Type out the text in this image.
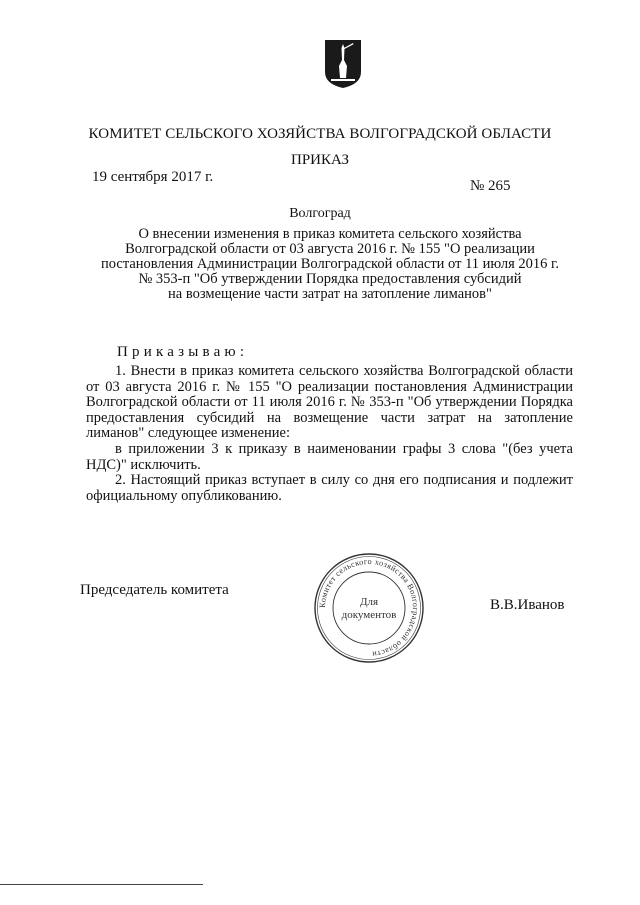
КОМИТЕТ СЕЛЬСКОГО ХОЗЯЙСТВА ВОЛГОГРАДСКОЙ ОБЛАСТИ
ПРИКАЗ
19 сентября 2017 г.
№ 265
Волгоград
О внесении изменения в приказ комитета сельского хозяйства
Волгоградской области от 03 августа 2016 г. № 155 "О реализации
постановления Администрации Волгоградской области от 11 июля 2016 г.
№ 353-п "Об утверждении Порядка предоставления субсидий
на возмещение части затрат на затопление лиманов"
Приказываю:

1. Внести в приказ комитета сельского хозяйства Волгоградской области от 03 августа 2016 г. № 155 "О реализации постановления Администрации Волгоградской области от 11 июля 2016 г. № 353-п "Об утверждении Порядка предоставления субсидий на возмещение части затрат на затопление лиманов" следующее изменение:

в приложении 3 к приказу в наименовании графы 3 слова "(без учета НДС)" исключить.

2. Настоящий приказ вступает в силу со дня его подписания и подлежит официальному опубликованию.

Председатель комитета
В.В.Иванов
Комитет сельского хозяйства Волгоградской области
Для
документов
